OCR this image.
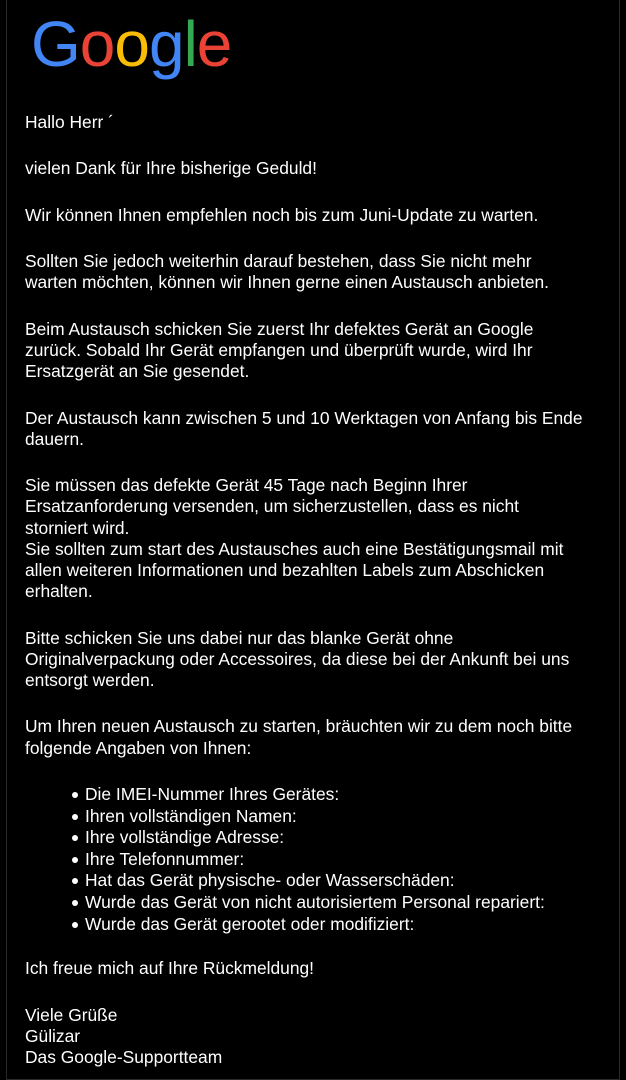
Google

Hallo Herr ´

vielen Dank für Ihre bisherige Geduld!

Wir können Ihnen empfehlen noch bis zum Juni-Update zu warten.

Sollten Sie jedoch weiterhin darauf bestehen, dass Sie nicht mehr
warten möchten, können wir Ihnen gerne einen Austausch anbieten.

Beim Austausch schicken Sie zuerst Ihr defektes Gerät an Google
zurück. Sobald Ihr Gerät empfangen und überprüft wurde, wird Ihr
Ersatzgerät an Sie gesendet.

Der Austausch kann zwischen 5 und 10 Werktagen von Anfang bis Ende
dauern.

Sie müssen das defekte Gerät 45 Tage nach Beginn Ihrer
Ersatzanforderung versenden, um sicherzustellen, dass es nicht
storniert wird.

Sie sollten zum start des Austausches auch eine Bestätigungsmail mit
allen weiteren Informationen und bezahlten Labels zum Abschicken
erhalten.

Bitte schicken Sie uns dabei nur das blanke Gerät ohne
Originalverpackung oder Accessoires, da diese bei der Ankunft bei uns
entsorgt werden.

Um Ihren neuen Austausch zu starten, bräuchten wir zu dem noch bitte
folgende Angaben von Ihnen:

Die IMEI-Nummer Ihres Gerätes:
Ihren vollständigen Namen:
Ihre vollständige Adresse:
Ihre Telefonnummer:
Hat das Gerät physische- oder Wasserschäden:
Wurde das Gerät von nicht autorisiertem Personal repariert:
Wurde das Gerät gerootet oder modifiziert:

Ich freue mich auf Ihre Rückmeldung!

Viele Grüße
Gülizar
Das Google-Supportteam
